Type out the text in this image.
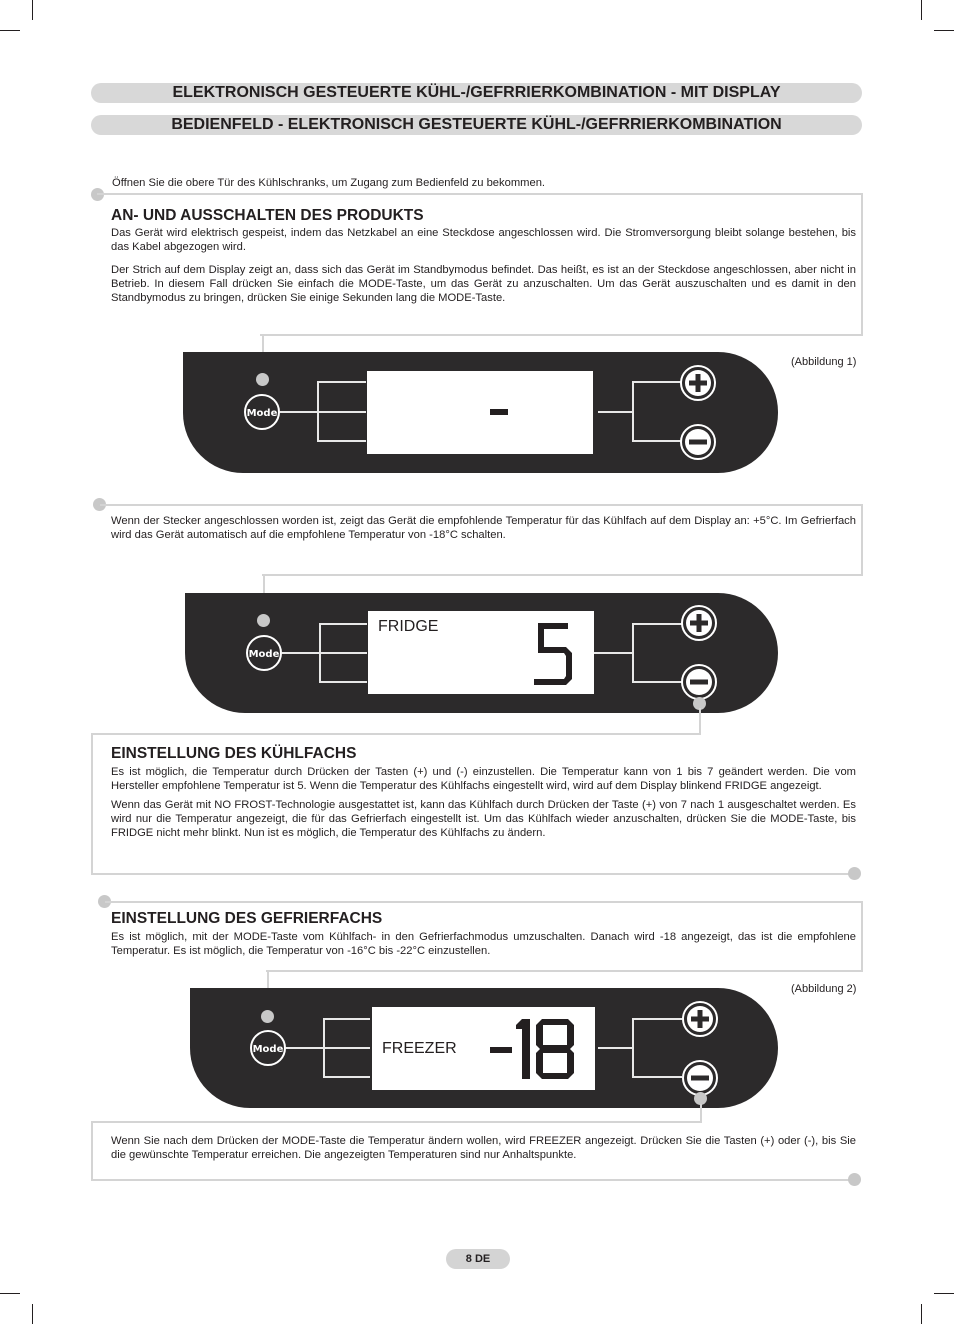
ELEKTRONISCH GESTEUERTE KÜHL-/GEFRRIERKOMBINATION - MIT DISPLAY
BEDIENFELD - ELEKTRONISCH GESTEUERTE KÜHL-/GEFRRIERKOMBINATION
Öffnen Sie die obere Tür des Kühlschranks, um Zugang zum Bedienfeld zu bekommen.
AN- UND AUSSCHALTEN DES PRODUKTS
Das Gerät wird elektrisch gespeist, indem das Netzkabel an eine Steckdose angeschlossen wird. Die Stromversorgung bleibt solange bestehen, bis das Kabel abgezogen wird.
Der Strich auf dem Display zeigt an, dass sich das Gerät im Standbymodus befindet. Das heißt, es ist an der Steckdose angeschlossen, aber nicht in Betrieb. In diesem Fall drücken Sie einfach die MODE-Taste, um das Gerät zu anzuschalten. Um das Gerät auszuschalten und es damit in den Standbymodus zu bringen, drücken Sie einige Sekunden lang die MODE-Taste.
(Abbildung 1)
Mode
Wenn der Stecker angeschlossen worden ist, zeigt das Gerät die empfohlende Temperatur für das Kühlfach auf dem Display an: +5°C. Im Gefrierfach wird das Gerät automatisch auf die empfohlene Temperatur von -18°C schalten.
FRIDGE
Mode
EINSTELLUNG DES KÜHLFACHS
Es ist möglich, die Temperatur durch Drücken der Tasten (+) und (-) einzustellen. Die Temperatur kann von 1 bis 7 geändert werden. Die vom Hersteller empfohlene Temperatur ist 5. Wenn die Temperatur des Kühlfachs eingestellt wird, wird auf dem Display blinkend FRIDGE angezeigt.
Wenn das Gerät mit NO FROST-Technologie ausgestattet ist, kann das Kühlfach durch Drücken der Taste (+) von 7 nach 1 ausgeschaltet werden. Es wird nur die Temperatur angezeigt, die für das Gefrierfach eingestellt ist. Um das Kühlfach wieder anzuschalten, drücken Sie die MODE-Taste, bis FRIDGE nicht mehr blinkt. Nun ist es möglich, die Temperatur des Kühlfachs zu ändern.
EINSTELLUNG DES GEFRIERFACHS
Es ist möglich, mit der MODE-Taste vom Kühlfach- in den Gefrierfachmodus umzuschalten. Danach wird -18 angezeigt, das ist die empfohlene Temperatur. Es ist möglich, die Temperatur von -16°C bis -22°C einzustellen.
(Abbildung 2)
FREEZER
Mode
Wenn Sie nach dem Drücken der MODE-Taste die Temperatur ändern wollen, wird FREEZER angezeigt. Drücken Sie die Tasten (+) oder (-), bis Sie die gewünschte Temperatur erreichen. Die angezeigten Temperaturen sind nur Anhaltspunkte.
8 DE
